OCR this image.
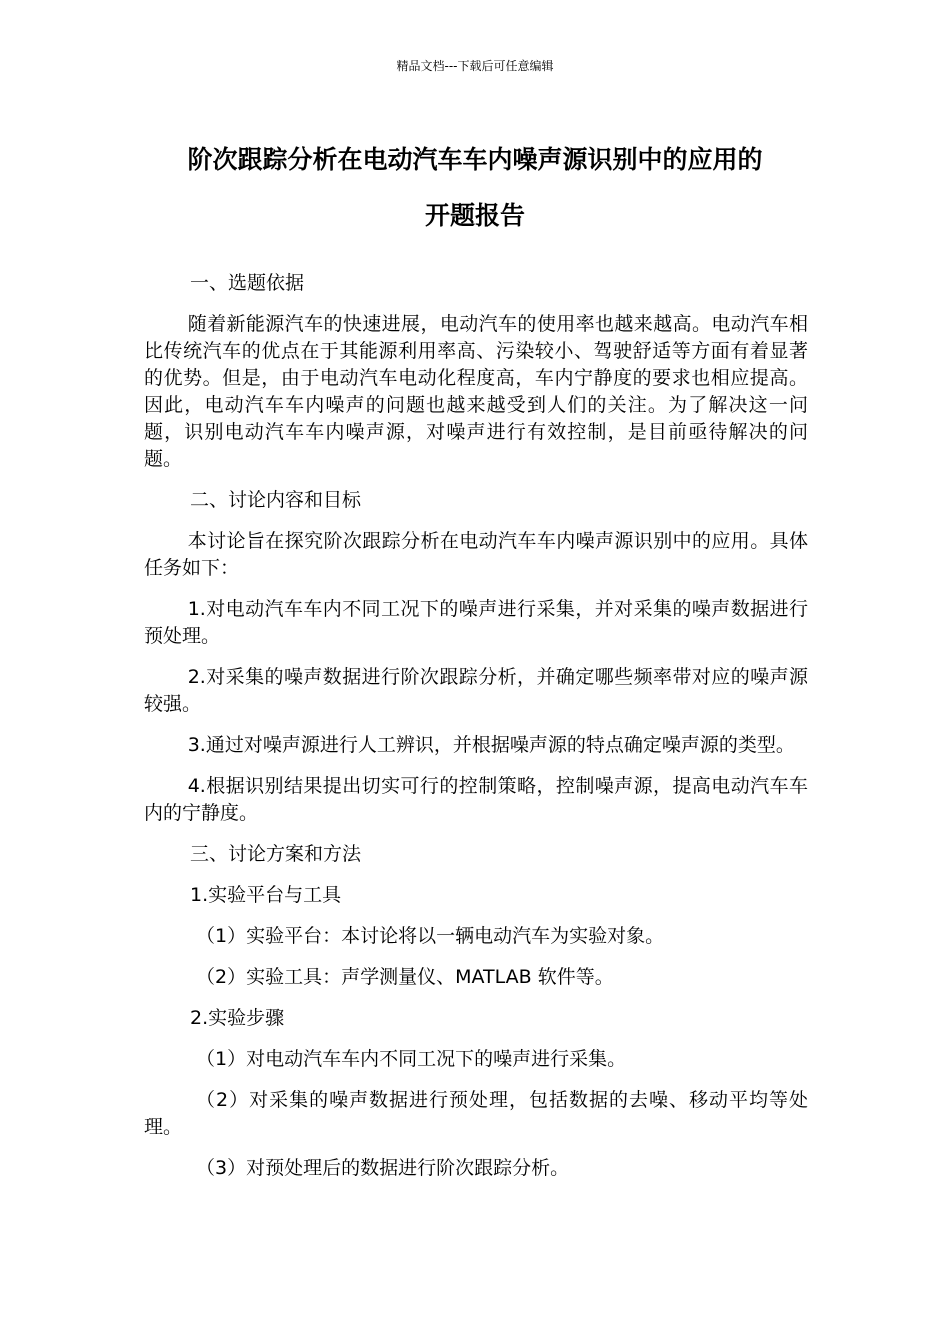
精品文档---下载后可任意编辑
阶次跟踪分析在电动汽车车内噪声源识别中的应用的
开题报告

一、选题依据

随着新能源汽车的快速进展，电动汽车的使用率也越来越高。电动汽车相比传统汽车的优点在于其能源利用率高、污染较小、驾驶舒适等方面有着显著的优势。但是，由于电动汽车电动化程度高，车内宁静度的要求也相应提高。因此，电动汽车车内噪声的问题也越来越受到人们的关注。为了解决这一问题，识别电动汽车车内噪声源，对噪声进行有效控制，是目前亟待解决的问题。

二、讨论内容和目标

本讨论旨在探究阶次跟踪分析在电动汽车车内噪声源识别中的应用。具体任务如下：

1.对电动汽车车内不同工况下的噪声进行采集，并对采集的噪声数据进行预处理。

2.对采集的噪声数据进行阶次跟踪分析，并确定哪些频率带对应的噪声源较强。

3.通过对噪声源进行人工辨识，并根据噪声源的特点确定噪声源的类型。

4.根据识别结果提出切实可行的控制策略，控制噪声源，提高电动汽车车内的宁静度。

三、讨论方案和方法

1.实验平台与工具

（1）实验平台：本讨论将以一辆电动汽车为实验对象。

（2）实验工具：声学测量仪、MATLAB 软件等。

2.实验步骤

（1）对电动汽车车内不同工况下的噪声进行采集。

（2）对采集的噪声数据进行预处理，包括数据的去噪、移动平均等处理。

（3）对预处理后的数据进行阶次跟踪分析。
